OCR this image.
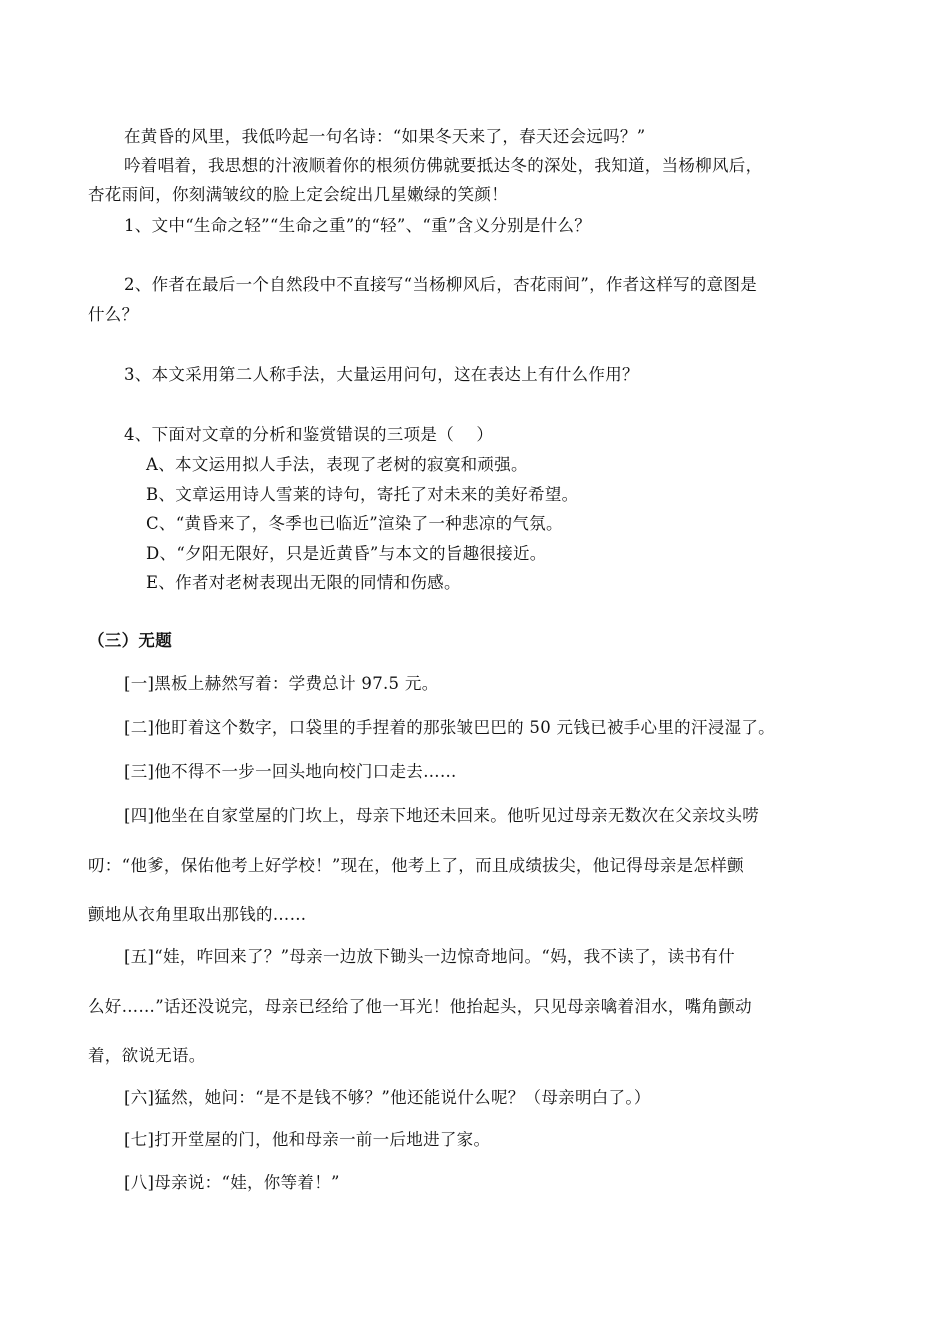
在黄昏的风里，我低吟起一句名诗：“如果冬天来了，春天还会远吗？”
吟着唱着，我思想的汁液顺着你的根须仿佛就要抵达冬的深处，我知道，当杨柳风后，
杏花雨间，你刻满皱纹的脸上定会绽出几星嫩绿的笑颜！
1、文中“生命之轻”“生命之重”的“轻”、“重”含义分别是什么？
2、作者在最后一个自然段中不直接写“当杨柳风后，杏花雨间”，作者这样写的意图是
什么？
3、本文采用第二人称手法，大量运用问句，这在表达上有什么作用？
4、下面对文章的分析和鉴赏错误的三项是（　 ）
A、本文运用拟人手法，表现了老树的寂寞和顽强。
B、文章运用诗人雪莱的诗句，寄托了对未来的美好希望。
C、“黄昏来了，冬季也已临近”渲染了一种悲凉的气氛。
D、“夕阳无限好，只是近黄昏”与本文的旨趣很接近。
E、作者对老树表现出无限的同情和伤感。
（三）无题
[一]黑板上赫然写着：学费总计 97.5 元。
[二]他盯着这个数字，口袋里的手捏着的那张皱巴巴的 50 元钱已被手心里的汗浸湿了。
[三]他不得不一步一回头地向校门口走去……
[四]他坐在自家堂屋的门坎上，母亲下地还未回来。他听见过母亲无数次在父亲坟头唠
叨：“他爹，保佑他考上好学校！”现在，他考上了，而且成绩拔尖，他记得母亲是怎样颤
颤地从衣角里取出那钱的……
[五]“娃，咋回来了？”母亲一边放下锄头一边惊奇地问。“妈，我不读了，读书有什
么好……”话还没说完，母亲已经给了他一耳光！他抬起头，只见母亲噙着泪水，嘴角颤动
着，欲说无语。
[六]猛然，她问：“是不是钱不够？”他还能说什么呢？（母亲明白了。）
[七]打开堂屋的门，他和母亲一前一后地进了家。
[八]母亲说：“娃，你等着！”
